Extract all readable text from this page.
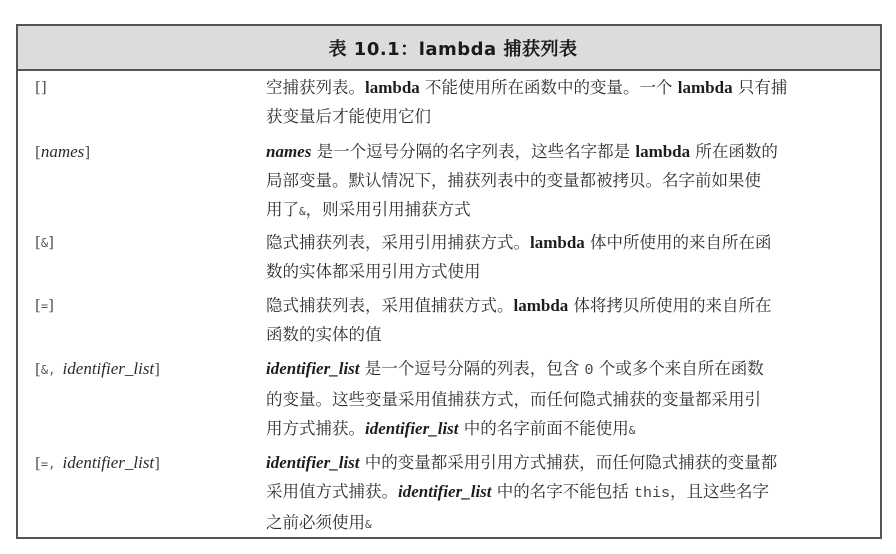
表 10.1：lambda 捕获列表
[]	空捕获列表。lambda 不能使用所在函数中的变量。一个 lambda 只有捕
获变量后才能使用它们
[names]	names 是一个逗号分隔的名字列表，这些名字都是 lambda 所在函数的
局部变量。默认情况下，捕获列表中的变量都被拷贝。名字前如果使
用了&，则采用引用捕获方式
[&]	隐式捕获列表，采用引用捕获方式。lambda 体中所使用的来自所在函
数的实体都采用引用方式使用
[=]	隐式捕获列表，采用值捕获方式。lambda 体将拷贝所使用的来自所在
函数的实体的值
[&, identifier_list]	identifier_list 是一个逗号分隔的列表，包含 0 个或多个来自所在函数
的变量。这些变量采用值捕获方式，而任何隐式捕获的变量都采用引
用方式捕获。identifier_list 中的名字前面不能使用&
[=, identifier_list]	identifier_list 中的变量都采用引用方式捕获，而任何隐式捕获的变量都
采用值方式捕获。identifier_list 中的名字不能包括 this，且这些名字
之前必须使用&
